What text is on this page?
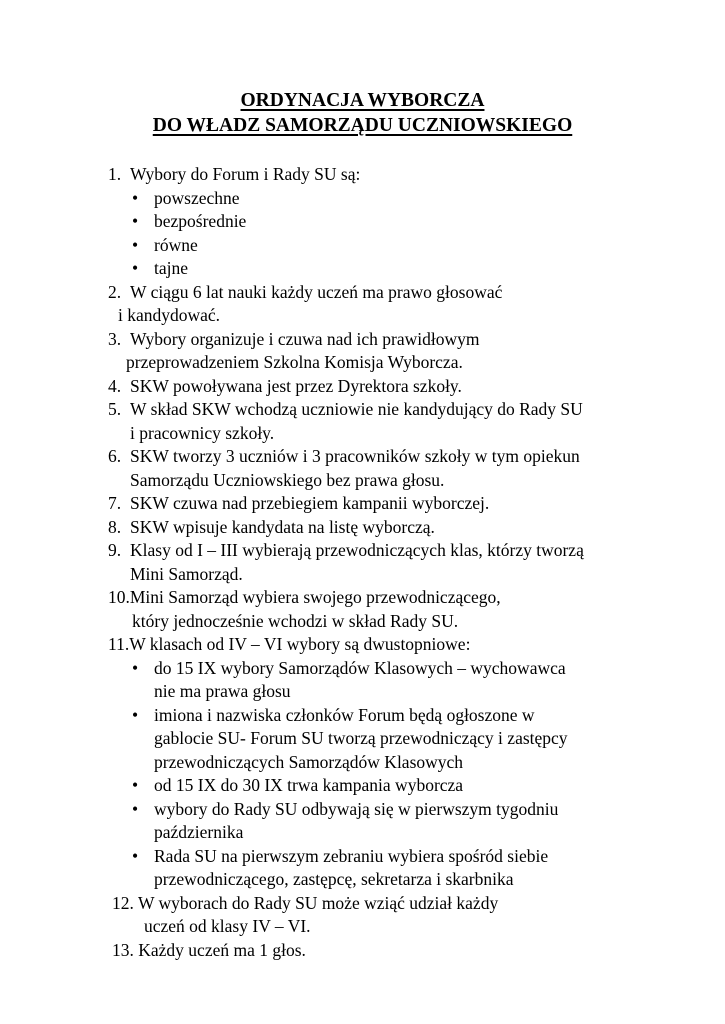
ORDYNACJA WYBORCZA
DO WŁADZ SAMORZĄDU UCZNIOWSKIEGO
1. Wybory do Forum i Rady SU są:
• powszechne
• bezpośrednie
• równe
• tajne
2. W ciągu 6 lat nauki każdy uczeń ma prawo głosować
i kandydować.
3. Wybory organizuje i czuwa nad ich prawidłowym
przeprowadzeniem Szkolna Komisja Wyborcza.
4. SKW powoływana jest przez Dyrektora szkoły.
5. W skład SKW wchodzą uczniowie nie kandydujący do Rady SU
i pracownicy szkoły.
6. SKW tworzy 3 uczniów i 3 pracowników szkoły w tym opiekun
Samorządu Uczniowskiego bez prawa głosu.
7. SKW czuwa nad przebiegiem kampanii wyborczej.
8. SKW wpisuje kandydata na listę wyborczą.
9. Klasy od I – III wybierają przewodniczących klas, którzy tworzą
Mini Samorząd.
10.Mini Samorząd wybiera swojego przewodniczącego,
który jednocześnie wchodzi w skład Rady SU.
11.W klasach od IV – VI wybory są dwustopniowe:
• do 15 IX wybory Samorządów Klasowych – wychowawca
nie ma prawa głosu
• imiona i nazwiska członków Forum będą ogłoszone w
gablocie SU- Forum SU tworzą przewodniczący i zastępcy
przewodniczących Samorządów Klasowych
• od 15 IX do 30 IX trwa kampania wyborcza
• wybory do Rady SU odbywają się w pierwszym tygodniu
października
• Rada SU na pierwszym zebraniu wybiera spośród siebie
przewodniczącego, zastępcę, sekretarza i skarbnika
12. W wyborach do Rady SU może wziąć udział każdy
uczeń od klasy IV – VI.
13. Każdy uczeń ma 1 głos.
